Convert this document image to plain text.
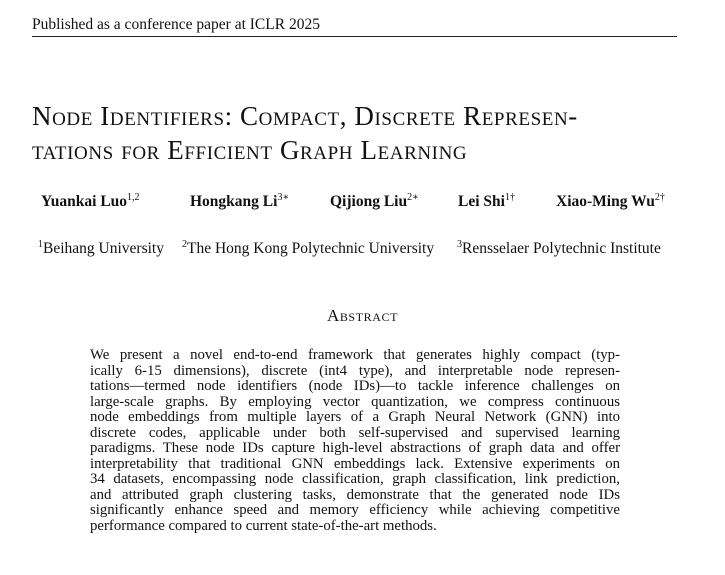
Published as a conference paper at ICLR 2025
Node Identifiers: Compact, Discrete Represen-
tations for Efficient Graph Learning
Yuankai Luo$^{1,2}$	Hongkang $Li^{3∗}$	Qijiong Liu$^{2∗}$	Lei Shi$^{1\dagger}$	Xiao-Ming $Wu^{2\dagger}$
$^1$Beihang University $^2$The Hong Kong Polytechnic University $^3$Rensselaer Polytechnic Institute
Abstract
We present a novel end-to-end framework that generates highly compact (typ-
ically 6-15 dimensions), discrete (int4 type), and interpretable node represen-
tations—termed node identifiers (node IDs)—to tackle inference challenges on
large-scale graphs. By employing vector quantization, we compress continuous
node embeddings from multiple layers of a Graph Neural Network (GNN) into
discrete codes, applicable under both self-supervised and supervised learning
paradigms. These node IDs capture high-level abstractions of graph data and offer
interpretability that traditional GNN embeddings lack. Extensive experiments on
34 datasets, encompassing node classification, graph classification, link prediction,
and attributed graph clustering tasks, demonstrate that the generated node IDs
significantly enhance speed and memory efficiency while achieving competitive
performance compared to current state-of-the-art methods.
